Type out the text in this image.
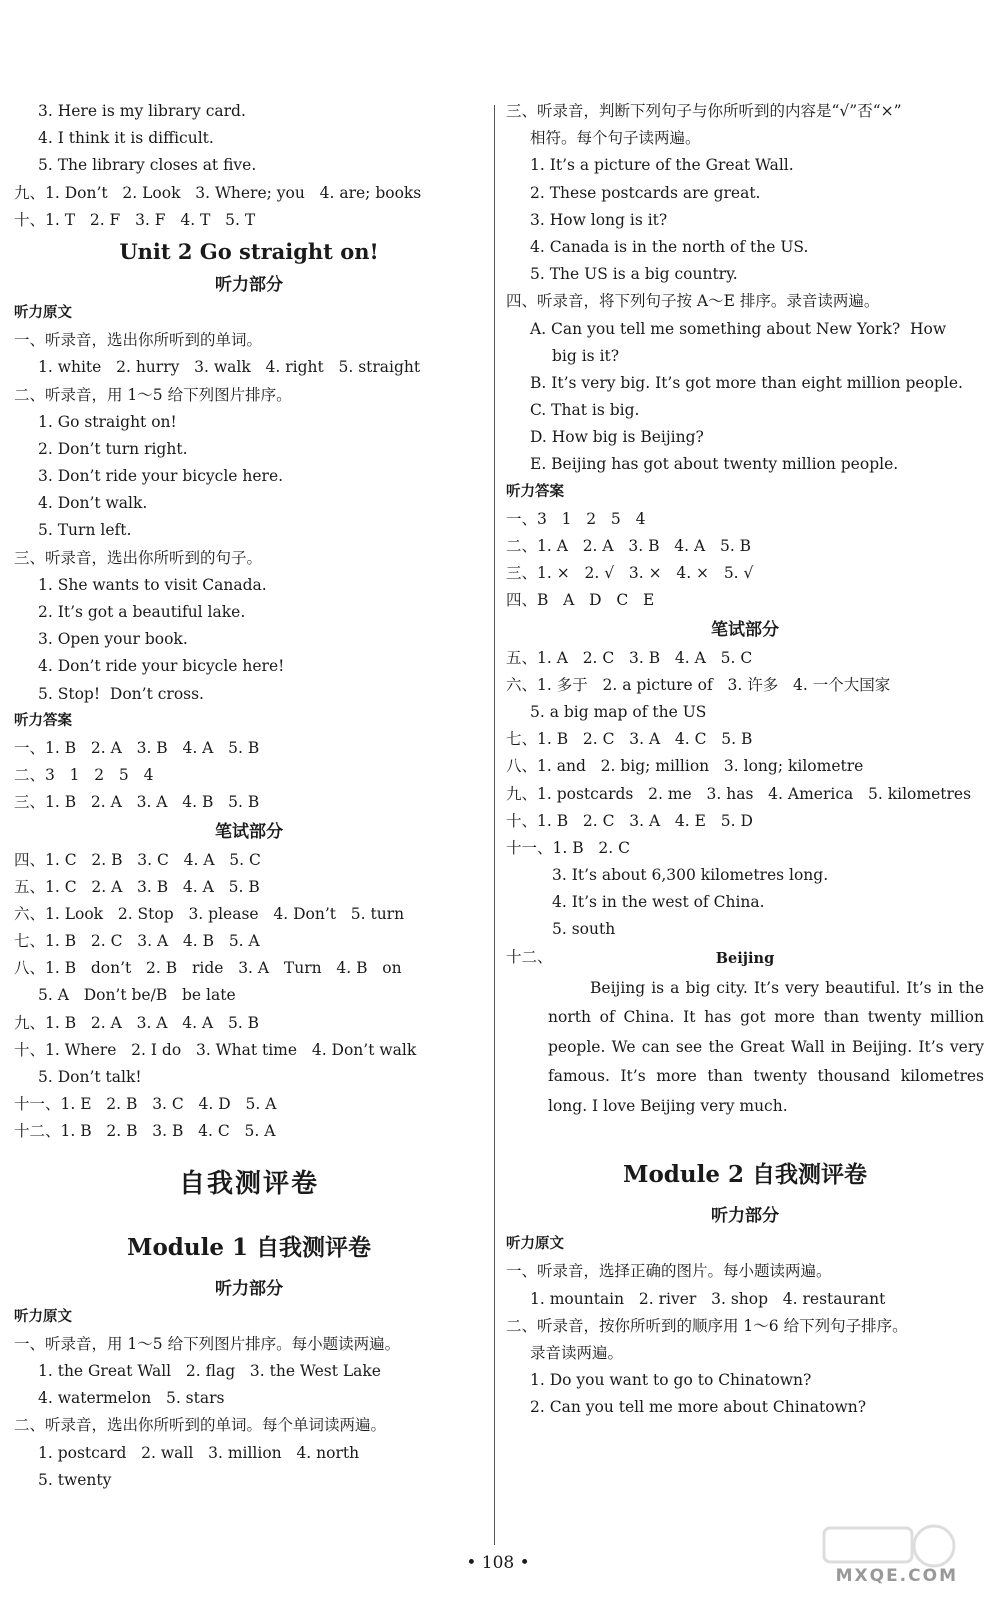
3. Here is my library card.
4. I think it is difficult.
5. The library closes at five.
九、1. Don’t   2. Look   3. Where; you   4. are; books
十、1. T   2. F   3. F   4. T   5. T
Unit 2 Go straight on!
听力部分
听力原文
一、听录音，选出你所听到的单词。
1. white   2. hurry   3. walk   4. right   5. straight
二、听录音，用 1～5 给下列图片排序。
1. Go straight on!
2. Don’t turn right.
3. Don’t ride your bicycle here.
4. Don’t walk.
5. Turn left.
三、听录音，选出你所听到的句子。
1. She wants to visit Canada.
2. It’s got a beautiful lake.
3. Open your book.
4. Don’t ride your bicycle here!
5. Stop!  Don’t cross.
听力答案
一、1. B   2. A   3. B   4. A   5. B
二、3   1   2   5   4
三、1. B   2. A   3. A   4. B   5. B
笔试部分
四、1. C   2. B   3. C   4. A   5. C
五、1. C   2. A   3. B   4. A   5. B
六、1. Look   2. Stop   3. please   4. Don’t   5. turn
七、1. B   2. C   3. A   4. B   5. A
八、1. B   don’t   2. B   ride   3. A   Turn   4. B   on
5. A   Don’t be/B   be late
九、1. B   2. A   3. A   4. A   5. B
十、1. Where   2. I do   3. What time   4. Don’t walk
5. Don’t talk!
十一、1. E   2. B   3. C   4. D   5. A
十二、1. B   2. B   3. B   4. C   5. A
自我测评卷
Module 1 自我测评卷
听力部分
听力原文
一、听录音，用 1～5 给下列图片排序。每小题读两遍。
1. the Great Wall   2. flag   3. the West Lake
4. watermelon   5. stars
二、听录音，选出你所听到的单词。每个单词读两遍。
1. postcard   2. wall   3. million   4. north
5. twenty
三、听录音，判断下列句子与你所听到的内容是“√”否“×”
相符。每个句子读两遍。
1. It’s a picture of the Great Wall.
2. These postcards are great.
3. How long is it?
4. Canada is in the north of the US.
5. The US is a big country.
四、听录音，将下列句子按 A～E 排序。录音读两遍。
A. Can you tell me something about New York?  How
big is it?
B. It’s very big. It’s got more than eight million people.
C. That is big.
D. How big is Beijing?
E. Beijing has got about twenty million people.
听力答案
一、3   1   2   5   4
二、1. A   2. A   3. B   4. A   5. B
三、1. ×   2. √   3. ×   4. ×   5. √
四、B   A   D   C   E
笔试部分
五、1. A   2. C   3. B   4. A   5. C
六、1. 多于   2. a picture of   3. 许多   4. 一个大国家
5. a big map of the US
七、1. B   2. C   3. A   4. C   5. B
八、1. and   2. big; million   3. long; kilometre
九、1. postcards   2. me   3. has   4. America   5. kilometres
十、1. B   2. C   3. A   4. E   5. D
十一、1. B   2. C
3. It’s about 6,300 kilometres long.
4. It’s in the west of China.
5. south
十二、	Beijing
Beijing is a big city. It’s very beautiful. It’s in the north of China. It has got more than twenty million people. We can see the Great Wall in Beijing. It’s very famous. It’s more than twenty thousand kilometres long. I love Beijing very much.
Module 2 自我测评卷
听力部分
听力原文
一、听录音，选择正确的图片。每小题读两遍。
1. mountain   2. river   3. shop   4. restaurant
二、听录音，按你所听到的顺序用 1～6 给下列句子排序。
录音读两遍。
1. Do you want to go to Chinatown?
2. Can you tell me more about Chinatown?
• 108 •
MXQE.COM
